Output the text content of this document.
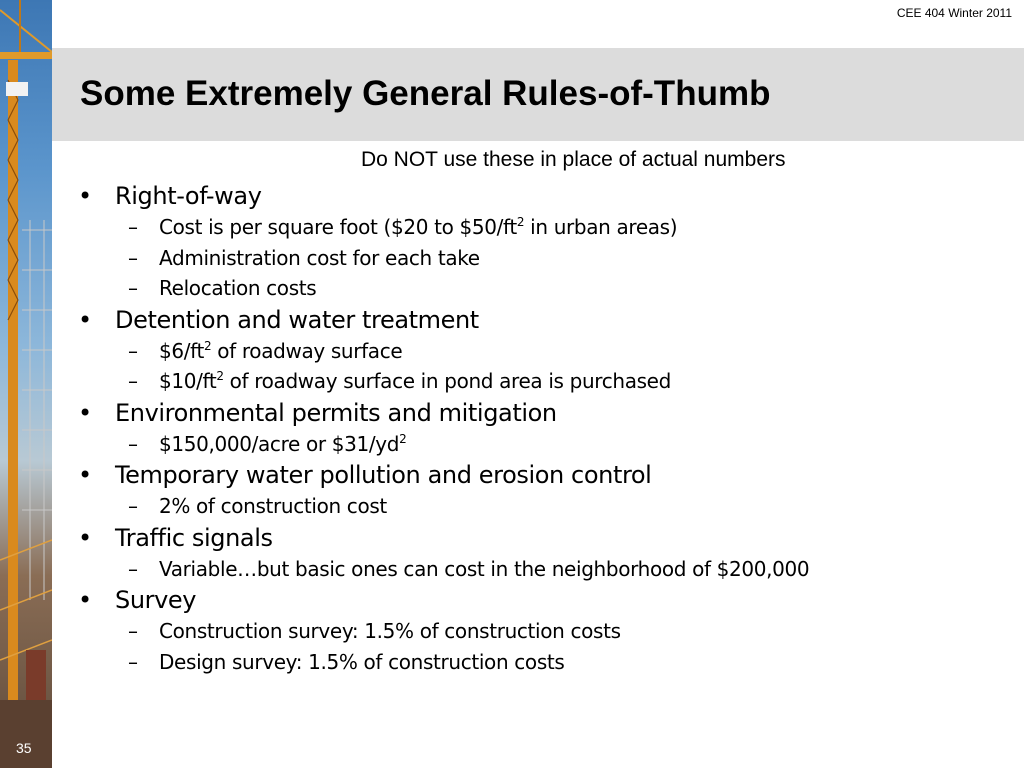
35
CEE 404 Winter 2011
Some Extremely General Rules-of-Thumb
Do NOT use these in place of actual numbers
• Right-of-way
–	Cost is per square foot ($20 to $\$50/ft^2$ in urban areas)
–	Administration cost for each take
–	Relocation costs
• Detention and water treatment
–	$\$6/ft^2$ of roadway surface
–	$\$10/ft^2$ of roadway surface in pond area is purchased
• Environmental permits and mitigation
–	$150,000/acre or $\$31/yd^2$
• Temporary water pollution and erosion control
–	2% of construction cost
• Traffic signals
–	Variable…but basic ones can cost in the neighborhood of $200,000
• Survey
–	Construction survey: 1.5% of construction costs
–	Design survey: 1.5% of construction costs
